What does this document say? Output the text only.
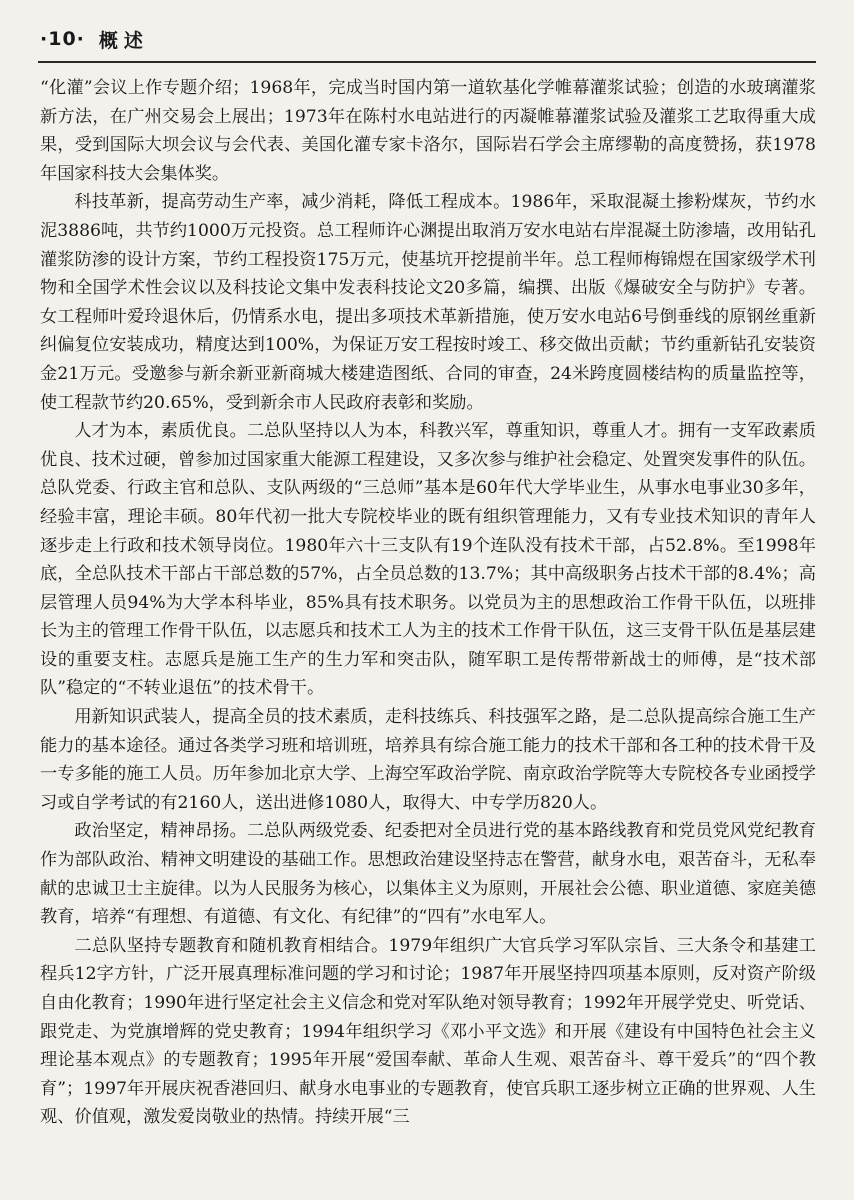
·10· 概述

“化灌”会议上作专题介绍；1968年，完成当时国内第一道软基化学帷幕灌浆试验；创造的水玻璃灌浆新方法，在广州交易会上展出；1973年在陈村水电站进行的丙凝帷幕灌浆试验及灌浆工艺取得重大成果，受到国际大坝会议与会代表、美国化灌专家卡洛尔，国际岩石学会主席缪勒的高度赞扬，获1978年国家科技大会集体奖。

科技革新，提高劳动生产率，减少消耗，降低工程成本。1986年，采取混凝土掺粉煤灰，节约水泥3886吨，共节约1000万元投资。总工程师许心渊提出取消万安水电站右岸混凝土防渗墙，改用钻孔灌浆防渗的设计方案，节约工程投资175万元，使基坑开挖提前半年。总工程师梅锦煜在国家级学术刊物和全国学术性会议以及科技论文集中发表科技论文20多篇，编撰、出版《爆破安全与防护》专著。女工程师叶爱玲退休后，仍情系水电，提出多项技术革新措施，使万安水电站6号倒垂线的原钢丝重新纠偏复位安装成功，精度达到100%，为保证万安工程按时竣工、移交做出贡献；节约重新钻孔安装资金21万元。受邀参与新余新亚新商城大楼建造图纸、合同的审查，24米跨度圆楼结构的质量监控等，使工程款节约20.65%，受到新余市人民政府表彰和奖励。

人才为本，素质优良。二总队坚持以人为本，科教兴军，尊重知识，尊重人才。拥有一支军政素质优良、技术过硬，曾参加过国家重大能源工程建设，又多次参与维护社会稳定、处置突发事件的队伍。总队党委、行政主官和总队、支队两级的“三总师”基本是60年代大学毕业生，从事水电事业30多年，经验丰富，理论丰硕。80年代初一批大专院校毕业的既有组织管理能力，又有专业技术知识的青年人逐步走上行政和技术领导岗位。1980年六十三支队有19个连队没有技术干部，占52.8%。至1998年底，全总队技术干部占干部总数的57%，占全员总数的13.7%；其中高级职务占技术干部的8.4%；高层管理人员94%为大学本科毕业，85%具有技术职务。以党员为主的思想政治工作骨干队伍，以班排长为主的管理工作骨干队伍，以志愿兵和技术工人为主的技术工作骨干队伍，这三支骨干队伍是基层建设的重要支柱。志愿兵是施工生产的生力军和突击队，随军职工是传帮带新战士的师傅，是“技术部队”稳定的“不转业退伍”的技术骨干。

用新知识武装人，提高全员的技术素质，走科技练兵、科技强军之路，是二总队提高综合施工生产能力的基本途径。通过各类学习班和培训班，培养具有综合施工能力的技术干部和各工种的技术骨干及一专多能的施工人员。历年参加北京大学、上海空军政治学院、南京政治学院等大专院校各专业函授学习或自学考试的有2160人，送出进修1080人，取得大、中专学历820人。

政治坚定，精神昂扬。二总队两级党委、纪委把对全员进行党的基本路线教育和党员党风党纪教育作为部队政治、精神文明建设的基础工作。思想政治建设坚持志在警营，献身水电，艰苦奋斗，无私奉献的忠诚卫士主旋律。以为人民服务为核心，以集体主义为原则，开展社会公德、职业道德、家庭美德教育，培养“有理想、有道德、有文化、有纪律”的“四有”水电军人。

二总队坚持专题教育和随机教育相结合。1979年组织广大官兵学习军队宗旨、三大条令和基建工程兵12字方针，广泛开展真理标准问题的学习和讨论；1987年开展坚持四项基本原则，反对资产阶级自由化教育；1990年进行坚定社会主义信念和党对军队绝对领导教育；1992年开展学党史、听党话、跟党走、为党旗增辉的党史教育；1994年组织学习《邓小平文选》和开展《建设有中国特色社会主义理论基本观点》的专题教育；1995年开展“爱国奉献、革命人生观、艰苦奋斗、尊干爱兵”的“四个教育”；1997年开展庆祝香港回归、献身水电事业的专题教育，使官兵职工逐步树立正确的世界观、人生观、价值观，激发爱岗敬业的热情。持续开展“三
